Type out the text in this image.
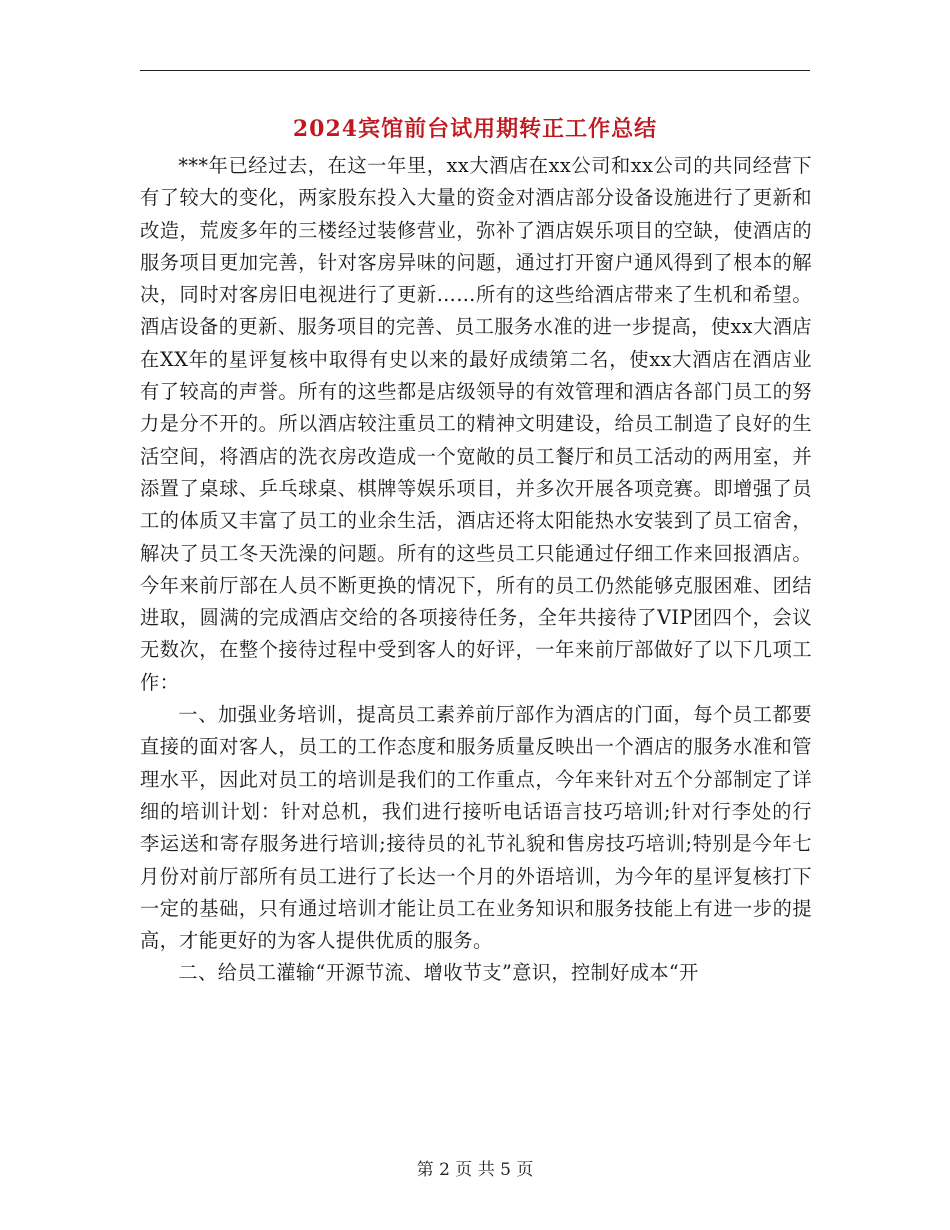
2024宾馆前台试用期转正工作总结

***年已经过去，在这一年里，xx大酒店在xx公司和xx公司的共同经营下有了较大的变化，两家股东投入大量的资金对酒店部分设备设施进行了更新和改造，荒废多年的三楼经过装修营业，弥补了酒店娱乐项目的空缺，使酒店的服务项目更加完善，针对客房异味的问题，通过打开窗户通风得到了根本的解决，同时对客房旧电视进行了更新……所有的这些给酒店带来了生机和希望。酒店设备的更新、服务项目的完善、员工服务水准的进一步提高，使xx大酒店在XX年的星评复核中取得有史以来的最好成绩第二名，使xx大酒店在酒店业有了较高的声誉。所有的这些都是店级领导的有效管理和酒店各部门员工的努力是分不开的。所以酒店较注重员工的精神文明建设，给员工制造了良好的生活空间，将酒店的洗衣房改造成一个宽敞的员工餐厅和员工活动的两用室，并添置了桌球、乒乓球桌、棋牌等娱乐项目，并多次开展各项竞赛。即增强了员工的体质又丰富了员工的业余生活，酒店还将太阳能热水安装到了员工宿舍，解决了员工冬天洗澡的问题。所有的这些员工只能通过仔细工作来回报酒店。今年来前厅部在人员不断更换的情况下，所有的员工仍然能够克服困难、团结进取，圆满的完成酒店交给的各项接待任务，全年共接待了VIP团四个，会议无数次，在整个接待过程中受到客人的好评，一年来前厅部做好了以下几项工作：

一、加强业务培训，提高员工素养前厅部作为酒店的门面，每个员工都要直接的面对客人，员工的工作态度和服务质量反映出一个酒店的服务水准和管理水平，因此对员工的培训是我们的工作重点，今年来针对五个分部制定了详细的培训计划：针对总机，我们进行接听电话语言技巧培训;针对行李处的行李运送和寄存服务进行培训;接待员的礼节礼貌和售房技巧培训;特别是今年七月份对前厅部所有员工进行了长达一个月的外语培训，为今年的星评复核打下一定的基础，只有通过培训才能让员工在业务知识和服务技能上有进一步的提高，才能更好的为客人提供优质的服务。

二、给员工灌输“开源节流、增收节支”意识，控制好成本“开

第 2 页 共 5 页
